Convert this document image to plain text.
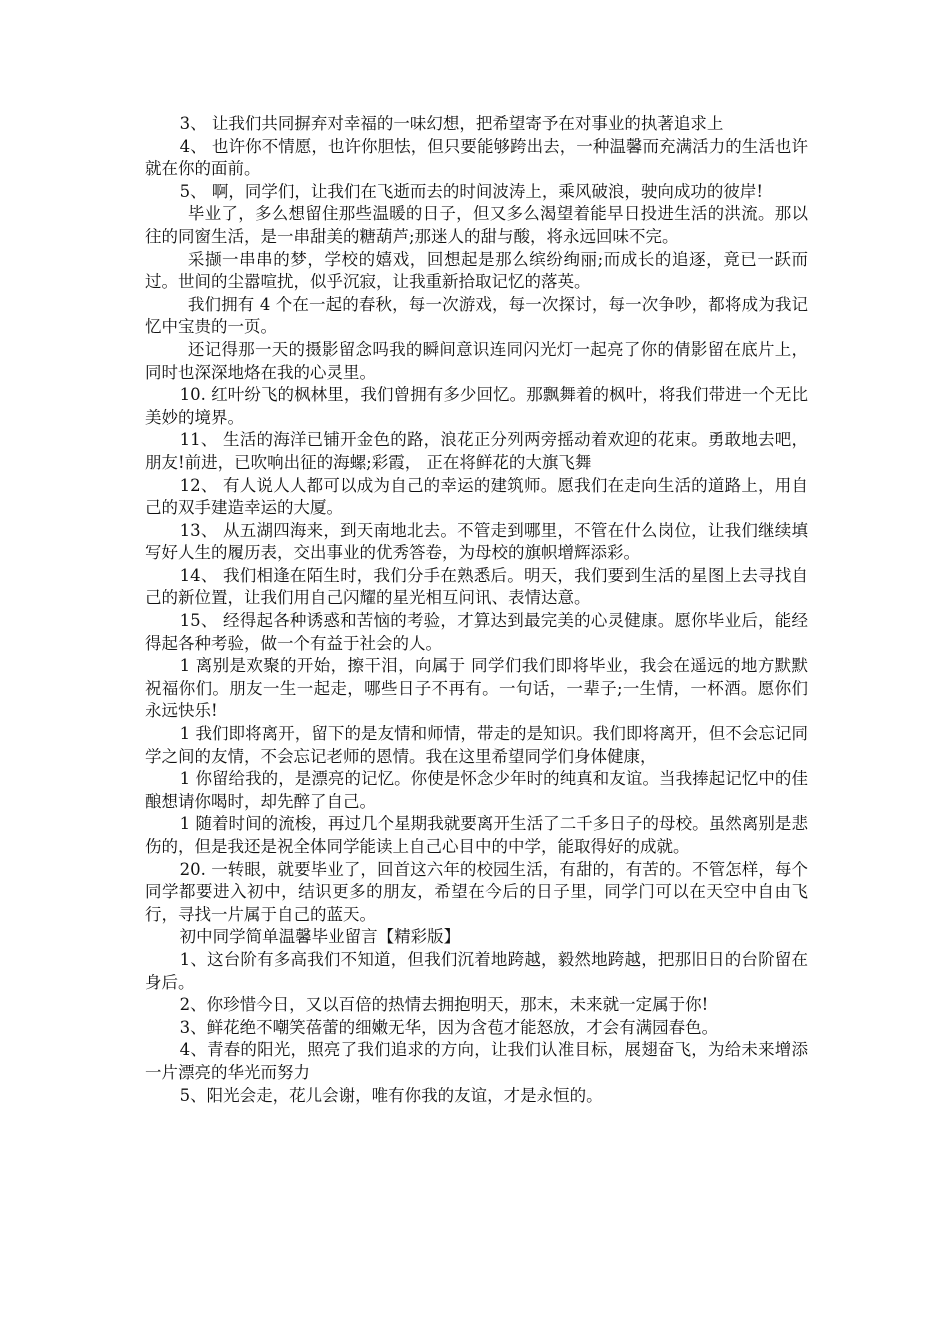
3、 让我们共同摒弃对幸福的一味幻想，把希望寄予在对事业的执著追求上

4、 也许你不情愿，也许你胆怯，但只要能够跨出去，一种温馨而充满活力的生活也许就在你的面前。

5、 啊，同学们，让我们在飞逝而去的时间波涛上，乘风破浪，驶向成功的彼岸!

毕业了，多么想留住那些温暖的日子，但又多么渴望着能早日投进生活的洪流。那以往的同窗生活，是一串甜美的糖葫芦;那迷人的甜与酸，将永远回味不完。

采撷一串串的梦，学校的嬉戏，回想起是那么缤纷绚丽;而成长的追逐，竟已一跃而过。世间的尘嚣喧扰，似乎沉寂，让我重新拾取记忆的落英。

我们拥有 4 个在一起的春秋，每一次游戏，每一次探讨，每一次争吵，都将成为我记忆中宝贵的一页。

还记得那一天的摄影留念吗我的瞬间意识连同闪光灯一起亮了你的倩影留在底片上，同时也深深地烙在我的心灵里。

10. 红叶纷飞的枫林里，我们曾拥有多少回忆。那飘舞着的枫叶，将我们带进一个无比美妙的境界。

11、 生活的海洋已铺开金色的路，浪花正分列两旁摇动着欢迎的花束。勇敢地去吧，朋友!前进，已吹响出征的海螺;彩霞， 正在将鲜花的大旗飞舞

12、 有人说人人都可以成为自己的幸运的建筑师。愿我们在走向生活的道路上，用自己的双手建造幸运的大厦。

13、 从五湖四海来，到天南地北去。不管走到哪里，不管在什么岗位，让我们继续填写好人生的履历表，交出事业的优秀答卷，为母校的旗帜增辉添彩。

14、 我们相逢在陌生时，我们分手在熟悉后。明天，我们要到生活的星图上去寻找自己的新位置，让我们用自己闪耀的星光相互问讯、表情达意。

15、 经得起各种诱惑和苦恼的考验，才算达到最完美的心灵健康。愿你毕业后，能经得起各种考验，做一个有益于社会的人。

1 离别是欢聚的开始，擦干泪，向属于 同学们我们即将毕业，我会在遥远的地方默默祝福你们。朋友一生一起走，哪些日子不再有。一句话，一辈子;一生情，一杯酒。愿你们永远快乐!

1 我们即将离开，留下的是友情和师情，带走的是知识。我们即将离开，但不会忘记同学之间的友情，不会忘记老师的恩情。我在这里希望同学们身体健康，

1 你留给我的，是漂亮的记忆。你使是怀念少年时的纯真和友谊。当我捧起记忆中的佳酿想请你喝时，却先醉了自己。

1 随着时间的流梭，再过几个星期我就要离开生活了二千多日子的母校。虽然离别是悲伤的，但是我还是祝全体同学能读上自己心目中的中学，能取得好的成就。

20. 一转眼，就要毕业了，回首这六年的校园生活，有甜的，有苦的。不管怎样，每个同学都要进入初中，结识更多的朋友，希望在今后的日子里，同学门可以在天空中自由飞行，寻找一片属于自己的蓝天。

初中同学简单温馨毕业留言【精彩版】

1、这台阶有多高我们不知道，但我们沉着地跨越，毅然地跨越，把那旧日的台阶留在身后。

2、你珍惜今日，又以百倍的热情去拥抱明天，那末，未来就一定属于你!

3、鲜花绝不嘲笑蓓蕾的细嫩无华，因为含苞才能怒放，才会有满园春色。

4、青春的阳光，照亮了我们追求的方向，让我们认准目标，展翅奋飞，为给未来增添一片漂亮的华光而努力

5、阳光会走，花儿会谢，唯有你我的友谊，才是永恒的。
